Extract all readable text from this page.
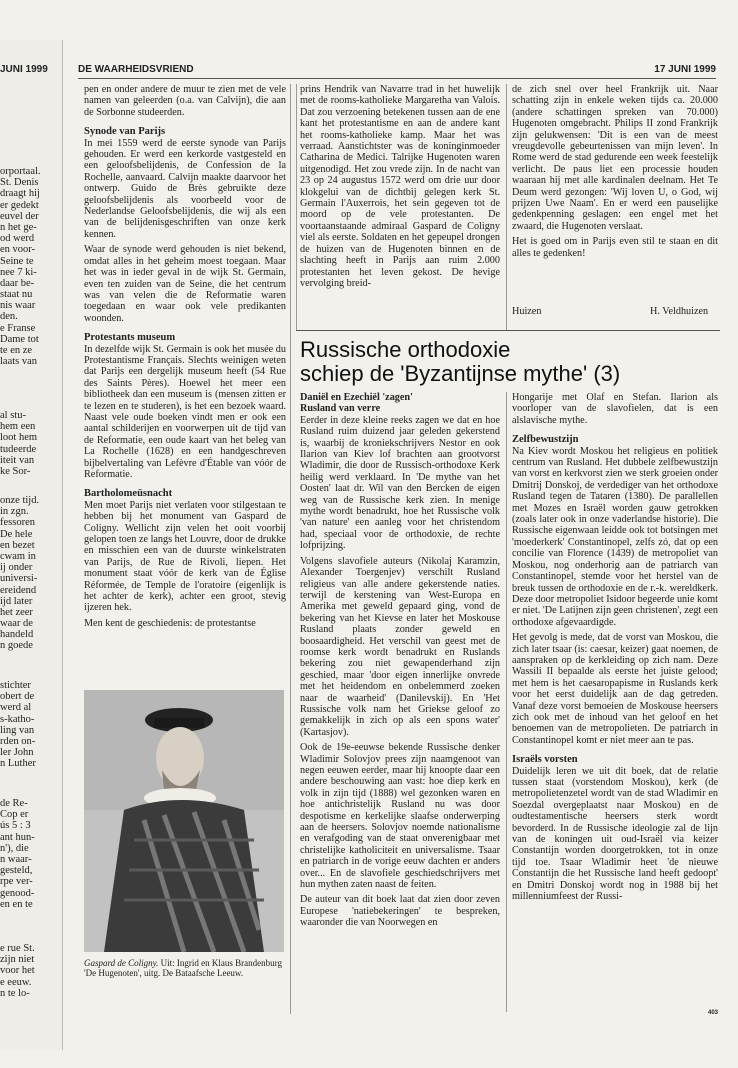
JUNI 1999
orportaal.
St. Denis
draagt hij
er gedekt
euvel der
n het ge-
od werd
en voor-
Seine te
nee 7 ki-
daar be-
staat nu
nis waar
den.
e Franse
Dame tot
te en ze
laats van
al stu-
hem een
loot hem
tudeerde
iteit van
ke Sor-
onze tijd.
in zgn.
fessoren
De hele
en bezet
cwam in
ij onder
universi-
ereidend
ijd later
het zeer
waar de
handeld
n goede
stichter
obert de
werd al
s-katho-
ling van
rden on-
ler John
n Luther
de Re-
Cop er
ús 5 : 3
ant hun-
n'), die
n waar-
gesteld,
rpe ver-
genood-
en en te
e rue St.
zijn niet
voor het
e eeuw.
n te lo-
DE WAARHEIDSVRIEND	17 JUNI 1999

pen en onder andere de muur te zien met de vele namen van geleerden (o.a. van Calvijn), die aan de Sorbonne studeerden.

Synode van Parijs

In mei 1559 werd de eerste synode van Parijs gehouden. Er werd een kerkorde vastgesteld en een geloofsbelijdenis, de Confession de la Rochelle, aanvaard. Calvijn maakte daarvoor het ontwerp. Guido de Brès gebruikte deze geloofsbelijdenis als voorbeeld voor de Nederlandse Geloofsbelijdenis, die wij als een van de belijdenisgeschriften van onze kerk kennen.

Waar de synode werd gehouden is niet bekend, omdat alles in het geheim moest toegaan. Maar het was in ieder geval in de wijk St. Germain, even ten zuiden van de Seine, die het centrum was van velen die de Reformatie waren toegedaan en waar ook vele predikanten woonden.

Protestants museum

In dezelfde wijk St. Germain is ook het musée du Protestantisme Français. Slechts weinigen weten dat Parijs een dergelijk museum heeft (54 Rue des Saints Pères). Hoewel het meer een bibliotheek dan een museum is (mensen zitten er te lezen en te studeren), is het een bezoek waard. Naast vele oude boeken vindt men er ook een aantal schilderijen en voorwerpen uit de tijd van de Reformatie, een oude kaart van het beleg van La Rochelle (1628) en een handgeschreven bijbelvertaling van Lefèvre d'Étable van vóór de Reformatie.

Bartholomeüsnacht

Men moet Parijs niet verlaten voor stilgestaan te hebben bij het monument van Gaspard de Coligny. Wellicht zijn velen het ooit voorbij gelopen toen ze langs het Louvre, door de drukke en misschien een van de duurste winkelstraten van Parijs, de Rue de Rivoli, liepen. Het monument staat vóór de kerk van de Église Réformée, de Temple de l'oratoire (eigenlijk is het achter de kerk), achter een groot, stevig ijzeren hek.

Men kent de geschiedenis: de protestantse

Gaspard de Coligny. Uit: Ingrid en Klaus Brandenburg 'De Hugenoten', uitg. De Bataafsche Leeuw.

prins Hendrik van Navarre trad in het huwelijk met de rooms-katholieke Margaretha van Valois. Dat zou verzoening betekenen tussen aan de ene kant het protestantisme en aan de andere kant het rooms-katholieke kamp. Maar het was verraad. Aanstichtster was de koninginmoeder Catharina de Medici. Talrijke Hugenoten waren uitgenodigd. Het zou vrede zijn. In de nacht van 23 op 24 augustus 1572 werd om drie uur door klokgelui van de dichtbij gelegen kerk St. Germain l'Auxerrois, het sein gegeven tot de moord op de vele protestanten. De voortaanstaande admiraal Gaspard de Coligny viel als eerste. Soldaten en het gepeupel drongen de huizen van de Hugenoten binnen en de slachting heeft in Parijs aan ruim 2.000 protestanten het leven gekost. De hevige vervolging breid-

de zich snel over heel Frankrijk uit. Naar schatting zijn in enkele weken tijds ca. 20.000 (andere schattingen spreken van 70.000) Hugenoten omgebracht. Philips II zond Frankrijk zijn gelukwensen: 'Dit is een van de meest vreugdevolle gebeurtenissen van mijn leven'. In Rome werd de stad gedurende een week feestelijk verlicht. De paus liet een processie houden waaraan hij met alle kardinalen deelnam. Het Te Deum werd gezongen: 'Wij loven U, o God, wij prijzen Uwe Naam'. En er werd een pauselijke gedenkpenning geslagen: een engel met het zwaard, die Hugenoten verslaat.

Het is goed om in Parijs even stil te staan en dit alles te gedenken!

Huizen	H. Veldhuizen
Russische orthodoxie
schiep de 'Byzantijnse mythe' (3)
Daniël en Ezechiël 'zagen'
Rusland van verre

Eerder in deze kleine reeks zagen we dat en hoe Rusland ruim duizend jaar geleden gekerstend is, waarbij de kroniekschrijvers Nestor en ook Ilarion van Kiev lof brachten aan grootvorst Wladimir, die door de Russisch-orthodoxe Kerk heilig werd verklaard. In 'De mythe van het Oosten' laat dr. Wil van den Bercken de eigen weg van de Russische kerk zien. In menige mythe wordt benadrukt, hoe het Russische volk 'van nature' een aanleg voor het christendom had, speciaal voor de orthodoxie, de rechte lofprijzing.

Volgens slavofiele auteurs (Nikolaj Karamzin, Alexander Toergenjev) verschilt Rusland religieus van alle andere gekerstende naties. terwijl de kerstening van West-Europa en Amerika met geweld gepaard ging, vond de bekering van het Kievse en later het Moskouse Rusland plaats zonder geweld en boosaardigheid. Het verschil van geest met de roomse kerk wordt benadrukt en Ruslands bekering zou niet gewapenderhand zijn geschied, maar 'door eigen innerlijke onvrede met het heidendom en onbelemmerd zoeken naar de waarheid' (Danilevskij). En 'Het Russische volk nam het Griekse geloof zo gemakkelijk in zich op als een spons water' (Kartasjov).

Ook de 19e-eeuwse bekende Russische denker Wladimir Solovjov prees zijn naamgenoot van negen eeuwen eerder, maar hij knoopte daar een andere beschouwing aan vast: hoe diep kerk en volk in zijn tijd (1888) wel gezonken waren en hoe antichristelijk Rusland nu was door despotisme en kerkelijke slaafse onderwerping aan de heersers. Solovjov noemde nationalisme en verafgoding van de staat onverenigbaar met christelijke katholiciteit en universalisme. Tsaar en patriarch in de vorige eeuw dachten er anders over... En de slavofiele geschiedschrijvers met hun mythen zaten naast de feiten.

De auteur van dit boek laat dat zien door zeven Europese 'natiebekeringen' te bespreken, waaronder die van Noorwegen en

Hongarije met Olaf en Stefan. Ilarion als voorloper van de slavofielen, dat is een alslavische mythe.

Zelfbewustzijn

Na Kiev wordt Moskou het religieus en politiek centrum van Rusland. Het dubbele zelfbewustzijn van vorst en kerkvorst zien we sterk groeien onder Dmitrij Donskoj, de verdediger van het orthodoxe Rusland tegen de Tataren (1380). De parallellen met Mozes en Israël worden gauw getrokken (zoals later ook in onze vaderlandse historie). Die Russische eigenwaan leidde ook tot botsingen met 'moederkerk' Constantinopel, zelfs zó, dat op een concilie van Florence (1439) de metropoliet van Moskou, nog onderhorig aan de patriarch van Constantinopel, stemde voor het herstel van de breuk tussen de orthodoxie en de r.-k. wereldkerk. Deze door metropoliet Isidoor begeerde unie komt er niet. 'De Latijnen zijn geen christenen', zegt een orthodoxe afgevaardigde.

Het gevolg is mede, dat de vorst van Moskou, die zich later tsaar (is: caesar, keizer) gaat noemen, de aanspraken op de kerkleiding op zich nam. Deze Wassili II bepaalde als eerste het juiste gelood; met hem is het caesaropapisme in Ruslands kerk voor het eerst duidelijk aan de dag getreden. Vanaf deze vorst bemoeien de Moskouse heersers zich ook met de inhoud van het geloof en het benoemen van de metropolieten. De patriarch in Constantinopel komt er niet meer aan te pas.

Israëls vorsten

Duidelijk leren we uit dit boek, dat de relatie tussen staat (vorstendom Moskou), kerk (de metropolietenzetel wordt van de stad Wladimir en Soezdal overgeplaatst naar Moskou) en de oudtestamentische heersers sterk wordt bevorderd. In de Russische ideologie zal de lijn van de koningen uit oud-Israël via keizer Constantijn worden doorgetrokken, tot in onze tijd toe. Tsaar Wladimir heet 'de nieuwe Constantijn die het Russische land heeft gedoopt' en Dmitri Donskoj wordt nog in 1988 bij het millenniumfeest der Russi-

403
